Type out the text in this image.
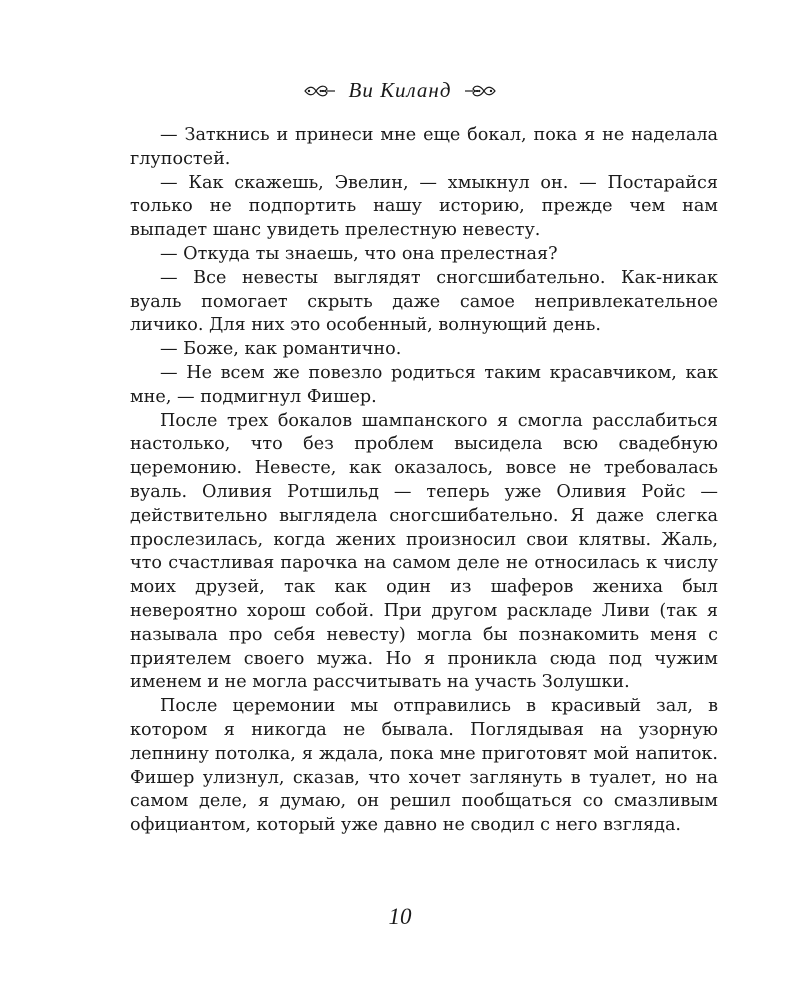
Ви Киланд

— Заткнись и принеси мне еще бокал, пока я не наделала глупостей.

— Как скажешь, Эвелин, — хмыкнул он. — Постарайся только не подпортить нашу историю, прежде чем нам выпадет шанс увидеть прелестную невесту.

— Откуда ты знаешь, что она прелестная?

— Все невесты выглядят сногсшибательно. Как-никак вуаль помогает скрыть даже самое непривлекательное личико. Для них это особенный, волнующий день.

— Боже, как романтично.

— Не всем же повезло родиться таким красавчиком, как мне, — подмигнул Фишер.

После трех бокалов шампанского я смогла расслабиться настолько, что без проблем высидела всю свадебную церемонию. Невесте, как оказалось, вовсе не требовалась вуаль. Оливия Ротшильд — теперь уже Оливия Ройс — действительно выглядела сногсшибательно. Я даже слегка прослезилась, когда жених произносил свои клятвы. Жаль, что счастливая парочка на самом деле не относилась к числу моих друзей, так как один из шаферов жениха был невероятно хорош собой. При другом раскладе Ливи (так я называла про себя невесту) могла бы познакомить меня с приятелем своего мужа. Но я проникла сюда под чужим именем и не могла рассчитывать на участь Золушки.

После церемонии мы отправились в красивый зал, в котором я никогда не бывала. Поглядывая на узорную лепнину потолка, я ждала, пока мне приготовят мой напиток. Фишер улизнул, сказав, что хочет заглянуть в туалет, но на самом деле, я думаю, он решил пообщаться со смазливым официантом, который уже давно не сводил с него взгляда.

10
